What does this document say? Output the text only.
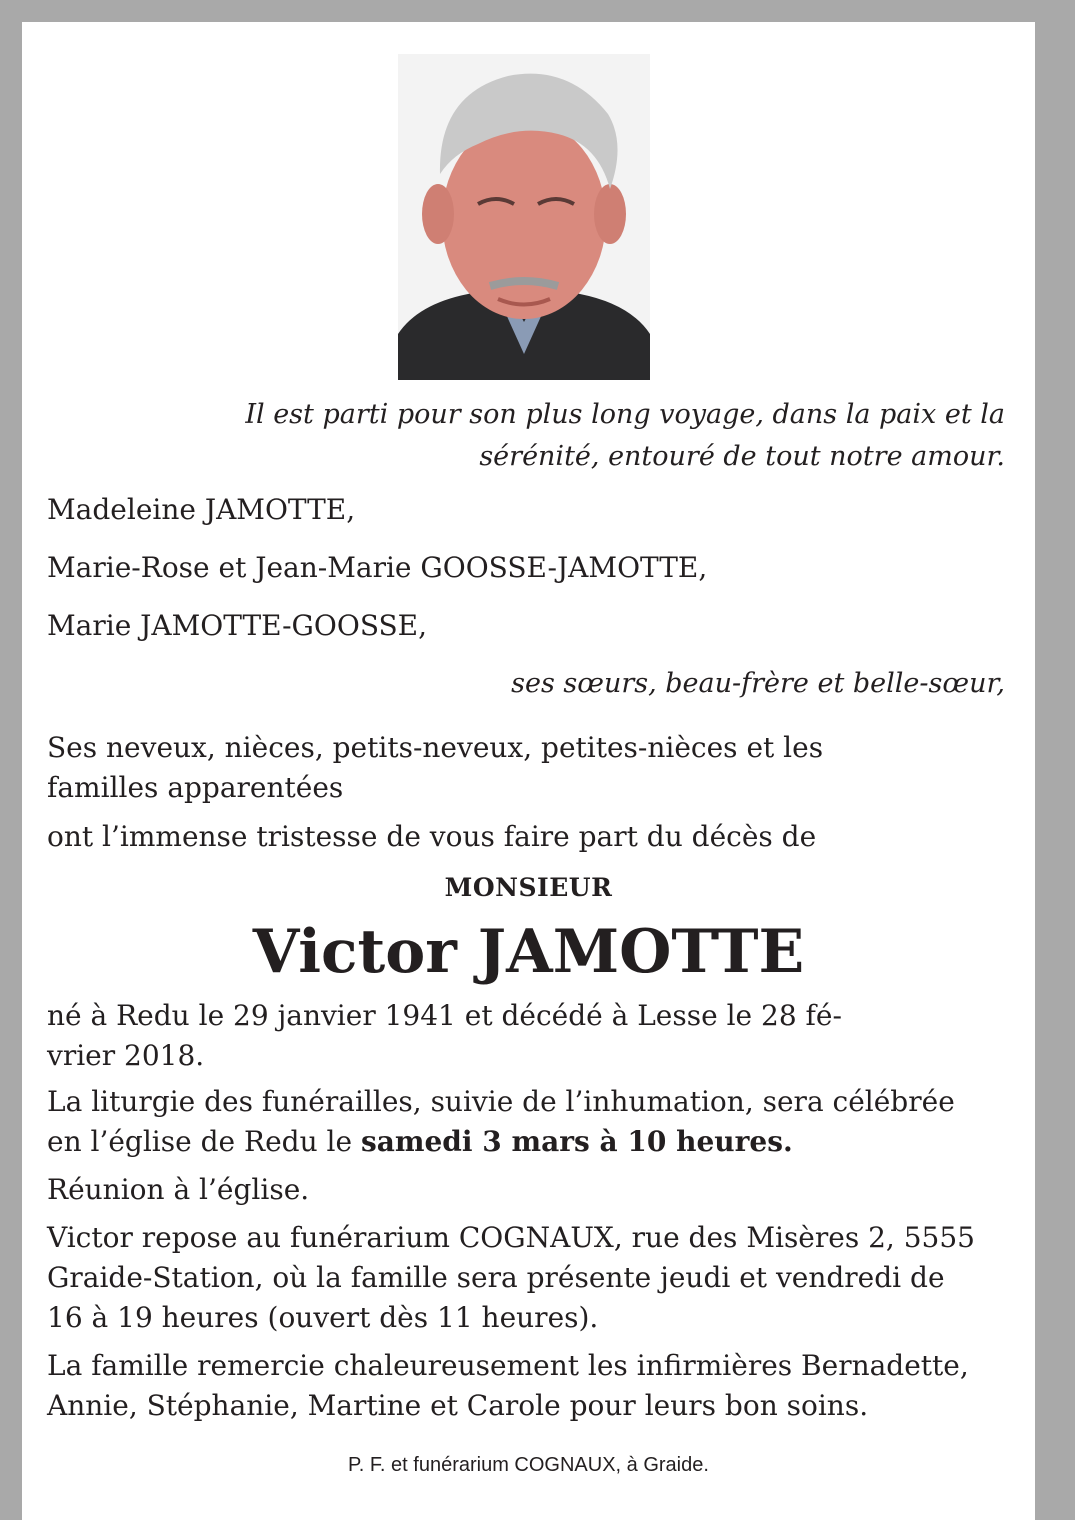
Il est parti pour son plus long voyage, dans la paix et la
sérénité, entouré de tout notre amour.
Madeleine JAMOTTE,
Marie-Rose et Jean-Marie GOOSSE-JAMOTTE,
Marie JAMOTTE-GOOSSE,
ses sœurs, beau-frère et belle-sœur,
Ses neveux, nièces, petits-neveux, petites-nièces et les familles apparentées
ont l’immense tristesse de vous faire part du décès de
MONSIEUR
Victor JAMOTTE
né à Redu le 29 janvier 1941 et décédé à Lesse le 28 fé-
vrier 2018.
La liturgie des funérailles, suivie de l’inhumation, sera célébrée en l’église de Redu le samedi 3 mars à 10 heures.
Réunion à l’église.
Victor repose au funérarium COGNAUX, rue des Misères 2, 5555 Graide-Station, où la famille sera présente jeudi et vendredi de 16 à 19 heures (ouvert dès 11 heures).
La famille remercie chaleureusement les infirmières Bernadette, Annie, Stéphanie, Martine et Carole pour leurs bon soins.
P. F. et funérarium COGNAUX, à Graide.
